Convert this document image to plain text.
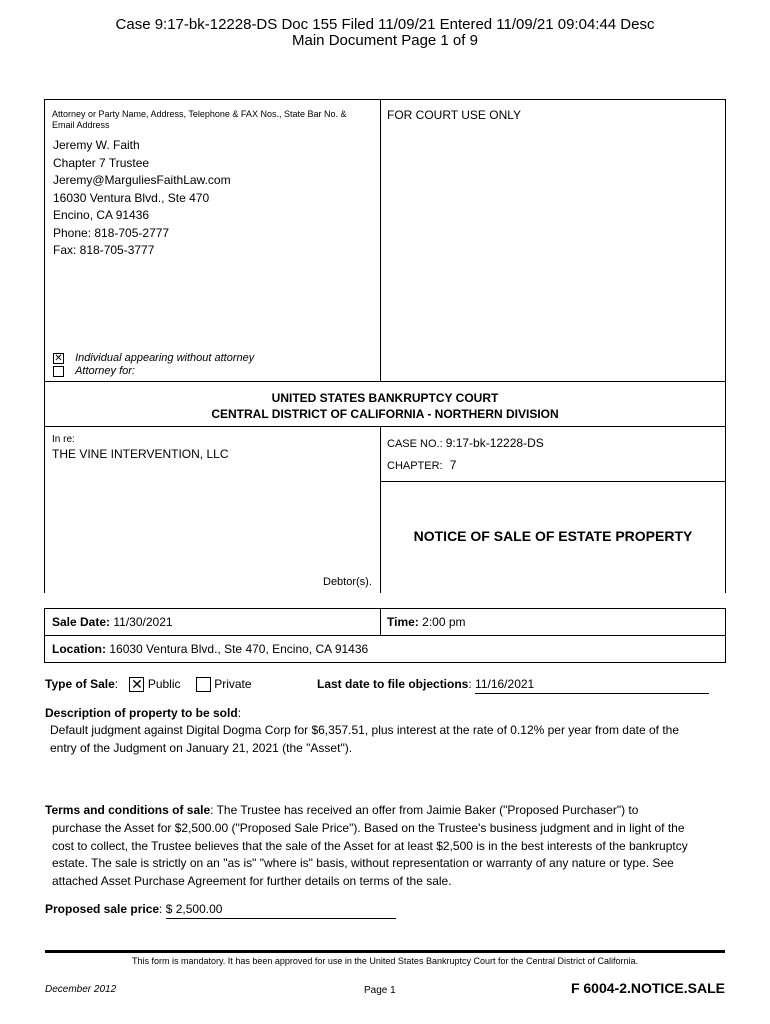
Case 9:17-bk-12228-DS Doc 155 Filed 11/09/21 Entered 11/09/21 09:04:44 Desc
Main Document Page 1 of 9
Attorney or Party Name, Address, Telephone & FAX Nos., State Bar No. & Email Address
Jeremy W. Faith
Chapter 7 Trustee
Jeremy@MarguliesFaithLaw.com
16030 Ventura Blvd., Ste 470
Encino, CA 91436
Phone: 818-705-2777
Fax: 818-705-3777
✕ Individual appearing without attorney
Attorney for:
FOR COURT USE ONLY
UNITED STATES BANKRUPTCY COURT
CENTRAL DISTRICT OF CALIFORNIA - NORTHERN DIVISION
In re:
THE VINE INTERVENTION, LLC
Debtor(s).
CASE NO.: 9:17-bk-12228-DS
CHAPTER: 7
NOTICE OF SALE OF ESTATE PROPERTY
Sale Date: 11/30/2021	Time: 2:00 pm
Location: 16030 Ventura Blvd., Ste 470, Encino, CA 91436
Type of Sale: ✕ Public	Private	Last date to file objections: 11/16/2021
Description of property to be sold:
Default judgment against Digital Dogma Corp for $6,357.51, plus interest at the rate of 0.12% per year from date of the
entry of the Judgment on January 21, 2021 (the "Asset").
Terms and conditions of sale: The Trustee has received an offer from Jaimie Baker ("Proposed Purchaser") to
purchase the Asset for $2,500.00 ("Proposed Sale Price"). Based on the Trustee's business judgment and in light of the
cost to collect, the Trustee believes that the sale of the Asset for at least $2,500 is in the best interests of the bankruptcy
estate. The sale is strictly on an "as is" "where is" basis, without representation or warranty of any nature or type. See
attached Asset Purchase Agreement for further details on terms of the sale.
Proposed sale price: $ 2,500.00
This form is mandatory. It has been approved for use in the United States Bankruptcy Court for the Central District of California.
December 2012	Page 1	F 6004-2.NOTICE.SALE
